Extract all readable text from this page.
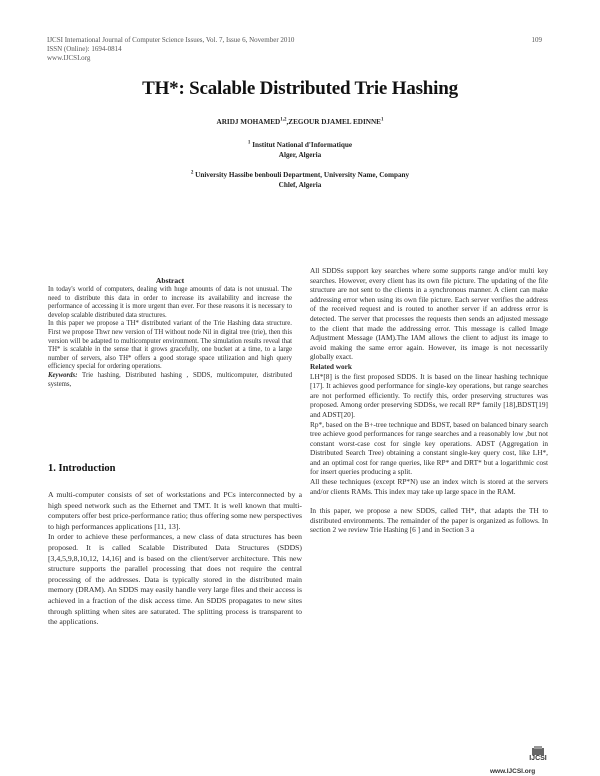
IJCSI International Journal of Computer Science Issues, Vol. 7, Issue 6, November 2010
ISSN (Online): 1694-0814
www.IJCSI.org
109
TH*: Scalable Distributed Trie Hashing
ARIDJ MOHAMED$^{1,2}$,ZEGOUR DJAMEL EDINNE$^1$
$^1$ Institut National d'Informatique
Alger, Algeria
$^2$ University Hassibe benbouli Department, University Name, Company
Chlef, Algeria
Abstract

In today's world of computers, dealing with huge amounts of data is not unusual. The need to distribute this data in order to increase its availability and increase the performance of accessing it is more urgent than ever. For these reasons it is necessary to develop scalable distributed data structures.

In this paper we propose a TH* distributed variant of the Trie Hashing data structure. First we propose Thwr new version of TH without node Nil in digital tree (trie), then this version will be adapted to multicomputer environment. The simulation results reveal that TH* is scalable in the sense that it grows gracefully, one bucket at a time, to a large number of servers, also TH* offers a good storage space utilization and high query efficiency special for ordering operations.

Keywords: Trie hashing, Distributed hashing , SDDS, multicomputer, distributed systems,

1. Introduction

A multi-computer consists of set of workstations and PCs interconnected by a high speed network such as the Ethernet and TMT. It is well known that multi-computers offer best price-performance ratio; thus offering some new perspectives to high performances applications [11, 13].

In order to achieve these performances, a new class of data structures has been proposed. It is called Scalable Distributed Data Structures (SDDS) [3,4,5,9,8,10,12, 14,16] and is based on the client/server architecture. This new structure supports the parallel processing that does not require the central processing of the addresses. Data is typically stored in the distributed main memory (DRAM). An SDDS may easily handle very large files and their access is achieved in a fraction of the disk access time. An SDDS propagates to new sites through splitting when sites are saturated. The splitting process is transparent to the applications.

All SDDSs support key searches where some supports range and/or multi key searches. However, every client has its own file picture. The updating of the file structure are not sent to the clients in a synchronous manner. A client can make addressing error when using its own file picture. Each server verifies the address of the received request and is routed to another server if an address error is detected. The server that processes the requests then sends an adjusted message to the client that made the addressing error. This message is called Image Adjustment Message (IAM).The IAM allows the client to adjust its image to avoid making the same error again. However, its image is not necessarily globally exact.

Related work

LH*[8] is the first proposed SDDS. It is based on the linear hashing technique [17]. It achieves good performance for single-key operations, but range searches are not performed efficiently. To rectify this, order preserving structures was proposed. Among order preserving SDDSs, we recall RP* family [18],BDST[19] and ADST[20].

Rp*, based on the B+-tree technique and BDST, based on balanced binary search tree achieve good performances for range searches and a reasonably low ,but not constant worst-case cost for single key operations. ADST (Aggregation in Distributed Search Tree) obtaining a constant single-key query cost, like LH*, and an optimal cost for range queries, like RP* and DRT* but a logarithmic cost for insert queries producing a split.

All these techniques (except RP*N) use an index witch is stored at the servers and/or clients RAMs. This index may take up large space in the RAM.

In this paper, we propose a new SDDS, called TH*, that adapts the TH to distributed environments. The remainder of the paper is organized as follows. In section 2 we review Trie Hashing [6 ] and in Section 3 a

IJCSI
www.IJCSI.org
